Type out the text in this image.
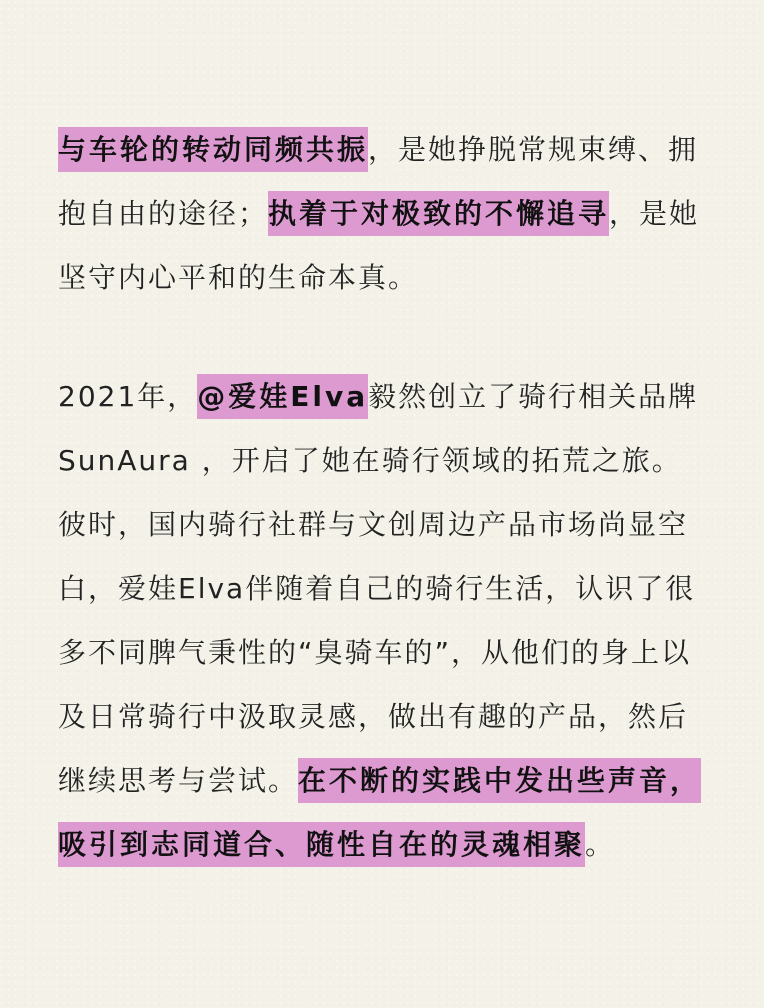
与车轮的转动同频共振，是她挣脱常规束缚、拥抱自由的途径；执着于对极致的不懈追寻，是她坚守内心平和的生命本真。
2021年，@爱娃Elva毅然创立了骑行相关品牌SunAura ，开启了她在骑行领域的拓荒之旅。彼时，国内骑行社群与文创周边产品市场尚显空白，爱娃Elva伴随着自己的骑行生活，认识了很多不同脾气秉性的“臭骑车的”，从他们的身上以及日常骑行中汲取灵感，做出有趣的产品，然后继续思考与尝试。在不断的实践中发出些声音，吸引到志同道合、随性自在的灵魂相聚。
